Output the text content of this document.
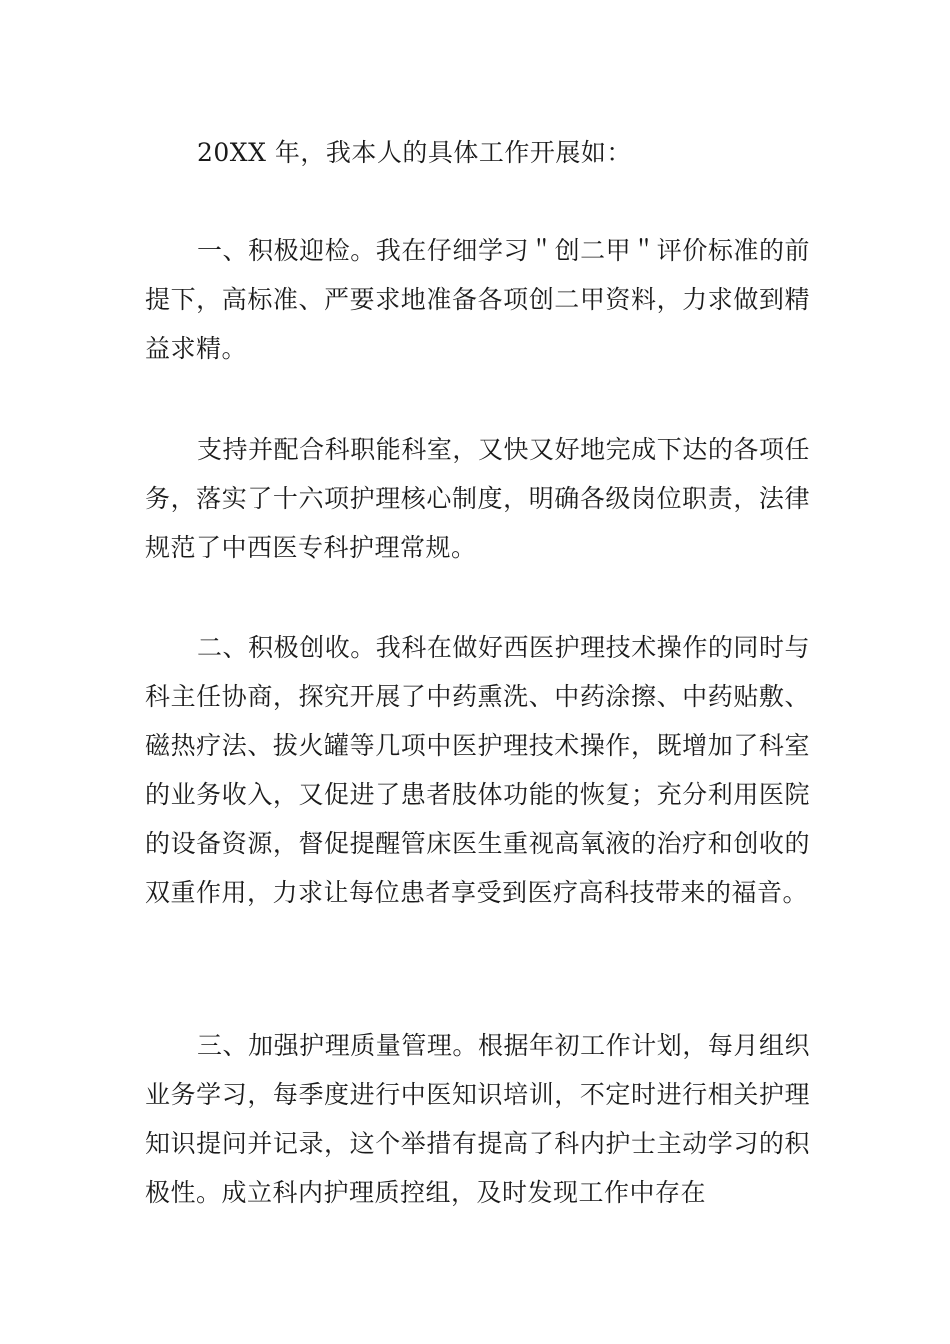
20XX 年，我本人的具体工作开展如：

一、积极迎检。我在仔细学习＂创二甲＂评价标准的前提下，高标准、严要求地准备各项创二甲资料，力求做到精益求精。

支持并配合科职能科室，又快又好地完成下达的各项任务，落实了十六项护理核心制度，明确各级岗位职责，法律规范了中西医专科护理常规。

二、积极创收。我科在做好西医护理技术操作的同时与科主任协商，探究开展了中药熏洗、中药涂擦、中药贴敷、磁热疗法、拔火罐等几项中医护理技术操作，既增加了科室的业务收入，又促进了患者肢体功能的恢复；充分利用医院的设备资源，督促提醒管床医生重视高氧液的治疗和创收的双重作用，力求让每位患者享受到医疗高科技带来的福音。

三、加强护理质量管理。根据年初工作计划，每月组织业务学习，每季度进行中医知识培训，不定时进行相关护理知识提问并记录，这个举措有提高了科内护士主动学习的积极性。成立科内护理质控组，及时发现工作中存在
